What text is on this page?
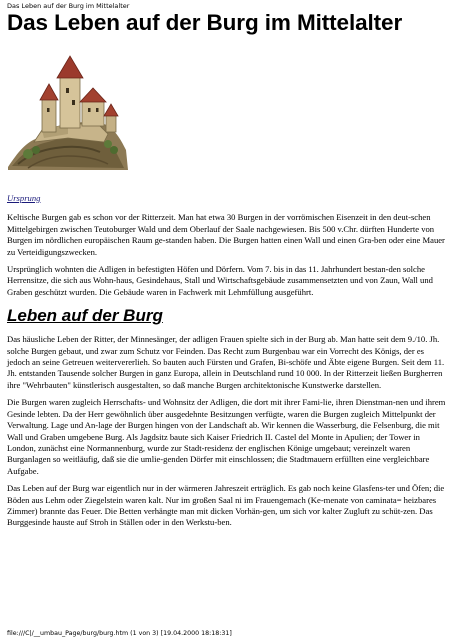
Das Leben auf der Burg im Mittelalter
Das Leben auf der Burg im Mittelalter
Ursprung

Keltische Burgen gab es schon vor der Ritterzeit. Man hat etwa 30 Burgen in der vorrömischen Eisenzeit in den deut-schen Mittelgebirgen zwischen Teutoburger Wald und dem Oberlauf der Saale nachgewiesen. Bis 500 v.Chr. dürften Hunderte von Burgen im nördlichen europäischen Raum ge-standen haben. Die Burgen hatten einen Wall und einen Gra-ben oder eine Mauer zu Verteidigungszwecken.

Ursprünglich wohnten die Adligen in befestigten Höfen und Dörfern. Vom 7. bis in das 11. Jahrhundert bestan-den solche Herrensitze, die sich aus Wohn-haus, Gesindehaus, Stall und Wirtschaftsgebäude zusammensetzten und von Zaun, Wall und Graben geschützt wurden. Die Gebäude waren in Fachwerk mit Lehmfüllung ausgeführt.

Leben auf der Burg

Das häusliche Leben der Ritter, der Minnesänger, der adligen Frauen spielte sich in der Burg ab. Man hatte seit dem 9./10. Jh. solche Burgen gebaut, und zwar zum Schutz vor Feinden. Das Recht zum Burgenbau war ein Vorrecht des Königs, der es jedoch an seine Getreuen weitervererlieh. So bauten auch Fürsten und Grafen, Bi-schöfe und Äbte eigene Burgen. Seit dem 11. Jh. entstanden Tausende solcher Burgen in ganz Europa, allein in Deutschland rund 10 000. In der Ritterzeit ließen Burgherren ihre "Wehrbauten" künstlerisch ausgestalten, so daß manche Burgen architektonische Kunstwerke darstellen.

Die Burgen waren zugleich Herrschafts- und Wohnsitz der Adligen, die dort mit ihrer Fami-lie, ihren Dienstman-nen und ihrem Gesinde lebten. Da der Herr gewöhnlich über ausgedehnte Besitzungen verfügte, waren die Burgen zugleich Mittelpunkt der Verwaltung. Lage und An-lage der Burgen hingen von der Landschaft ab. Wir kennen die Wasserburg, die Felsenburg, die mit Wall und Graben umgebene Burg. Als Jagdsitz baute sich Kaiser Friedrich II. Castel del Monte in Apulien; der Tower in London, zunächst eine Normannenburg, wurde zur Stadt-residenz der englischen Könige umgebaut; vereinzelt waren Burganlagen so weitläufig, daß sie die umlie-genden Dörfer mit einschlossen; die Stadtmauern erfüllten eine vergleichbare Aufgabe.

Das Leben auf der Burg war eigentlich nur in der wärmeren Jahreszeit erträglich. Es gab noch keine Glasfens-ter und Öfen; die Böden aus Lehm oder Ziegelstein waren kalt. Nur im großen Saal ni im Frauengemach (Ke-menate von caminata= heizbares Zimmer) brannte das Feuer. Die Betten verhängte man mit dicken Vorhän-gen, um sich vor kalter Zugluft zu schüt-zen. Das Burggesinde hauste auf Stroh in Ställen oder in den Werkstu-ben.

file:///C|/__umbau_Page/burg/burg.htm (1 von 3) [19.04.2000 18:18:31]
